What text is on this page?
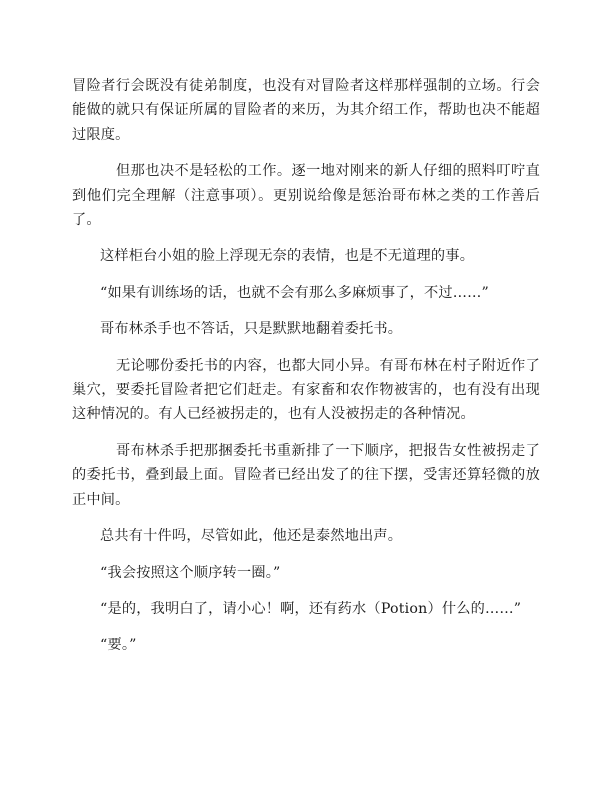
冒险者行会既没有徒弟制度，也没有对冒险者这样那样强制的立场。行会能做的就只有保证所属的冒险者的来历，为其介绍工作，帮助也决不能超过限度。

但那也决不是轻松的工作。逐一地对刚来的新人仔细的照料叮咛直到他们完全理解（注意事项）。更别说给像是惩治哥布林之类的工作善后了。

这样柜台小姐的脸上浮现无奈的表情，也是不无道理的事。

“如果有训练场的话，也就不会有那么多麻烦事了，不过……”

哥布林杀手也不答话，只是默默地翻着委托书。

无论哪份委托书的内容，也都大同小异。有哥布林在村子附近作了巢穴，要委托冒险者把它们赶走。有家畜和农作物被害的，也有没有出现这种情况的。有人已经被拐走的，也有人没被拐走的各种情况。

哥布林杀手把那捆委托书重新排了一下顺序，把报告女性被拐走了的委托书，叠到最上面。冒险者已经出发了的往下摆，受害还算轻微的放正中间。

总共有十件吗，尽管如此，他还是泰然地出声。

“我会按照这个顺序转一圈。”

“是的，我明白了，请小心！啊，还有药水（Potion）什么的……”

“要。”
